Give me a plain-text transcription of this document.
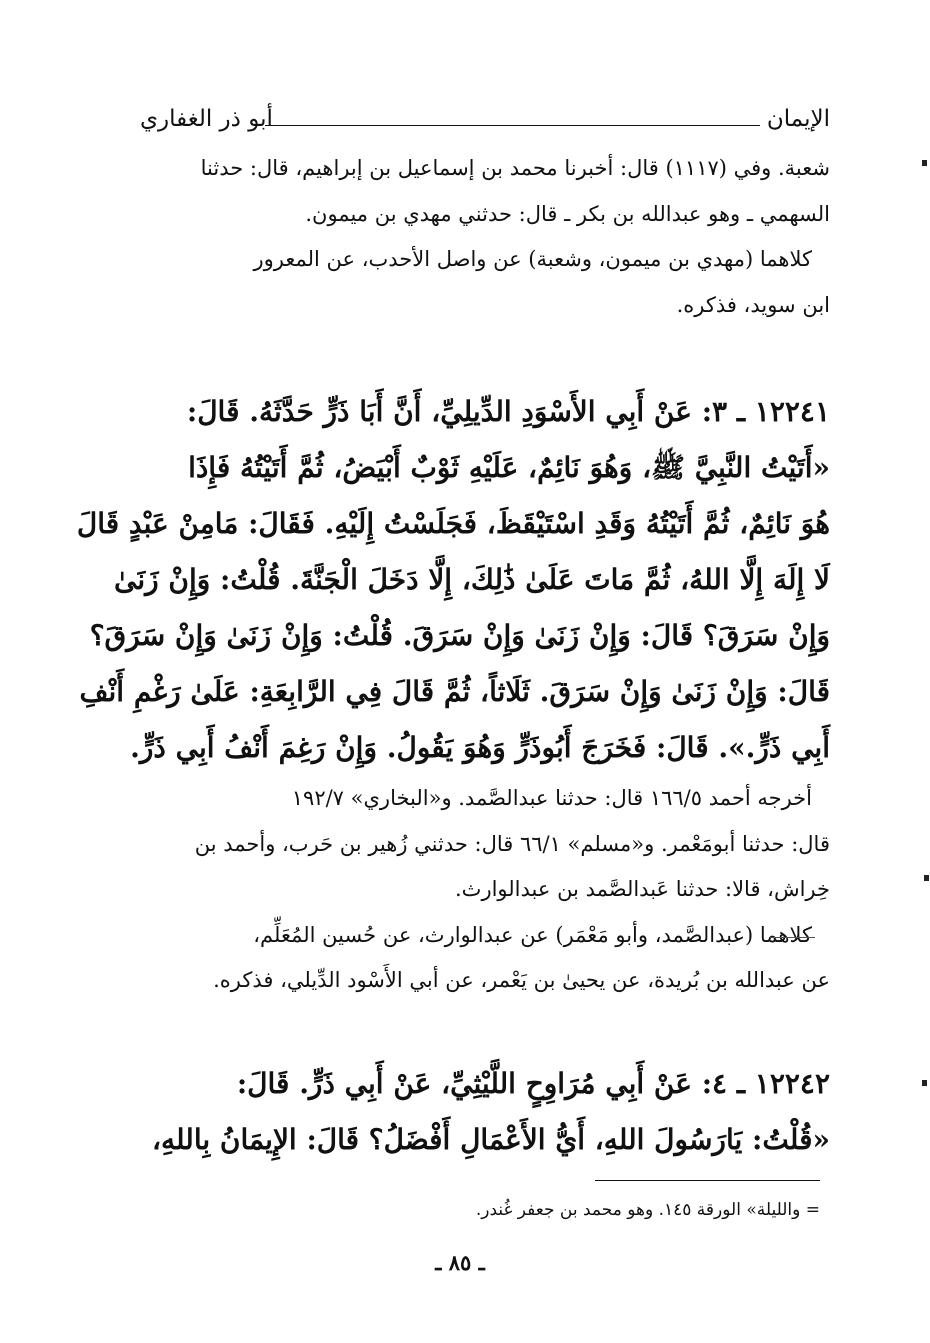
الإيمان
أبو ذر الغفاري
شعبة. وفي (١١١٧) قال: أخبرنا محمد بن إسماعيل بن إبراهيم، قال: حدثنا
السهمي ـ وهو عبدالله بن بكر ـ قال: حدثني مهدي بن ميمون.
كلاهما (مهدي بن ميمون، وشعبة) عن واصل الأحدب، عن المعرور
ابن سويد، فذكره.
١٢٢٤١ ـ ٣: عَنْ أَبِي الأَسْوَدِ الدِّيلِيِّ، أَنَّ أَبَا ذَرٍّ حَدَّثَهُ. قَالَ:
«أَتَيْتُ النَّبِيَّ ﷺ، وَهُوَ نَائِمٌ، عَلَيْهِ ثَوْبٌ أَبْيَضُ، ثُمَّ أَتَيْتُهُ فَإِذَا
هُوَ نَائِمٌ، ثُمَّ أَتَيْتُهُ وَقَدِ اسْتَيْقَظَ، فَجَلَسْتُ إِلَيْهِ. فَقَالَ: مَامِنْ عَبْدٍ قَالَ
لَا إِلَهَ إِلَّا اللهُ، ثُمَّ مَاتَ عَلَىٰ ذَٰلِكَ، إِلَّا دَخَلَ الْجَنَّةَ. قُلْتُ: وَإِنْ زَنَىٰ
وَإِنْ سَرَقَ؟ قَالَ: وَإِنْ زَنَىٰ وَإِنْ سَرَقَ. قُلْتُ: وَإِنْ زَنَىٰ وَإِنْ سَرَقَ؟
قَالَ: وَإِنْ زَنَىٰ وَإِنْ سَرَقَ. ثَلَاثاً، ثُمَّ قَالَ فِي الرَّابِعَةِ: عَلَىٰ رَغْمِ أَنْفِ
أَبِي ذَرٍّ.». قَالَ: فَخَرَجَ أَبُوذَرٍّ وَهُوَ يَقُولُ. وَإِنْ رَغِمَ أَنْفُ أَبِي ذَرٍّ.
أخرجه أحمد ١٦٦/٥ قال: حدثنا عبدالصَّمد. و«البخاري» ١٩٢/٧
قال: حدثنا أبومَعْمر. و«مسلم» ٦٦/١ قال: حدثني زُهير بن حَرب، وأحمد بن
خِراش، قالا: حدثنا عَبدالصَّمد بن عبدالوارث.
كلاهما (عبدالصَّمد، وأبو مَعْمَر) عن عبدالوارث، عن حُسين المُعَلِّم،
عن عبدالله بن بُريدة، عن يحيىٰ بن يَعْمر، عن أبي الأَسْود الدِّيلي، فذكره.
١٢٢٤٢ ـ ٤: عَنْ أَبِي مُرَاوِحٍ اللَّيْثِيِّ، عَنْ أَبِي ذَرٍّ. قَالَ:
«قُلْتُ: يَارَسُولَ اللهِ، أَيُّ الأَعْمَالِ أَفْضَلُ؟ قَالَ: الإِيمَانُ بِاللهِ،
= والليلة» الورقة ١٤٥. وهو محمد بن جعفر غُندر.
ـ ٨٥ ـ
